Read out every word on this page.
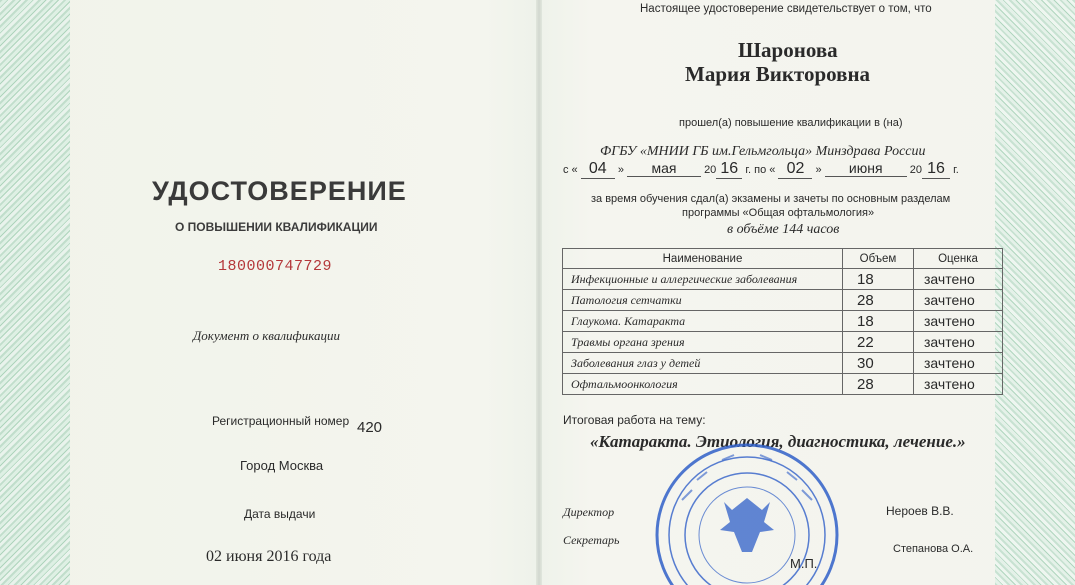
УДОСТОВЕРЕНИЕ
О ПОВЫШЕНИИ КВАЛИФИКАЦИИ
180000747729
Документ о квалификации
Регистрационный номер 420
Город Москва
Дата выдачи
02 июня 2016 года
Настоящее удостоверение свидетельствует о том, что
Шаронова
Мария Викторовна
прошел(а) повышение квалификации в (на)
ФГБУ «МНИИ ГБ им.Гельмгольца» Минздрава России
с « 04 » мая	20 16 г. по « 02 » июня 20 16 г.
за время обучения сдал(а) экзамены и зачеты по основным разделам
программы «Общая офтальмология»
в объёме 144 часов
Наименование	Объем	Оценка
Инфекционные и аллергические заболевания	18	зачтено
Патология сетчатки	28	зачтено
Глаукома. Катаракта	18	зачтено
Травмы органа зрения	22	зачтено
Заболевания глаз у детей	30	зачтено
Офтальмоонкология	28	зачтено
Итоговая работа на тему:
«Катаракта. Этиология, диагностика, лечение.»
Директор	Нероев В.В.
Секретарь
Степанова О.А.
М.П.
